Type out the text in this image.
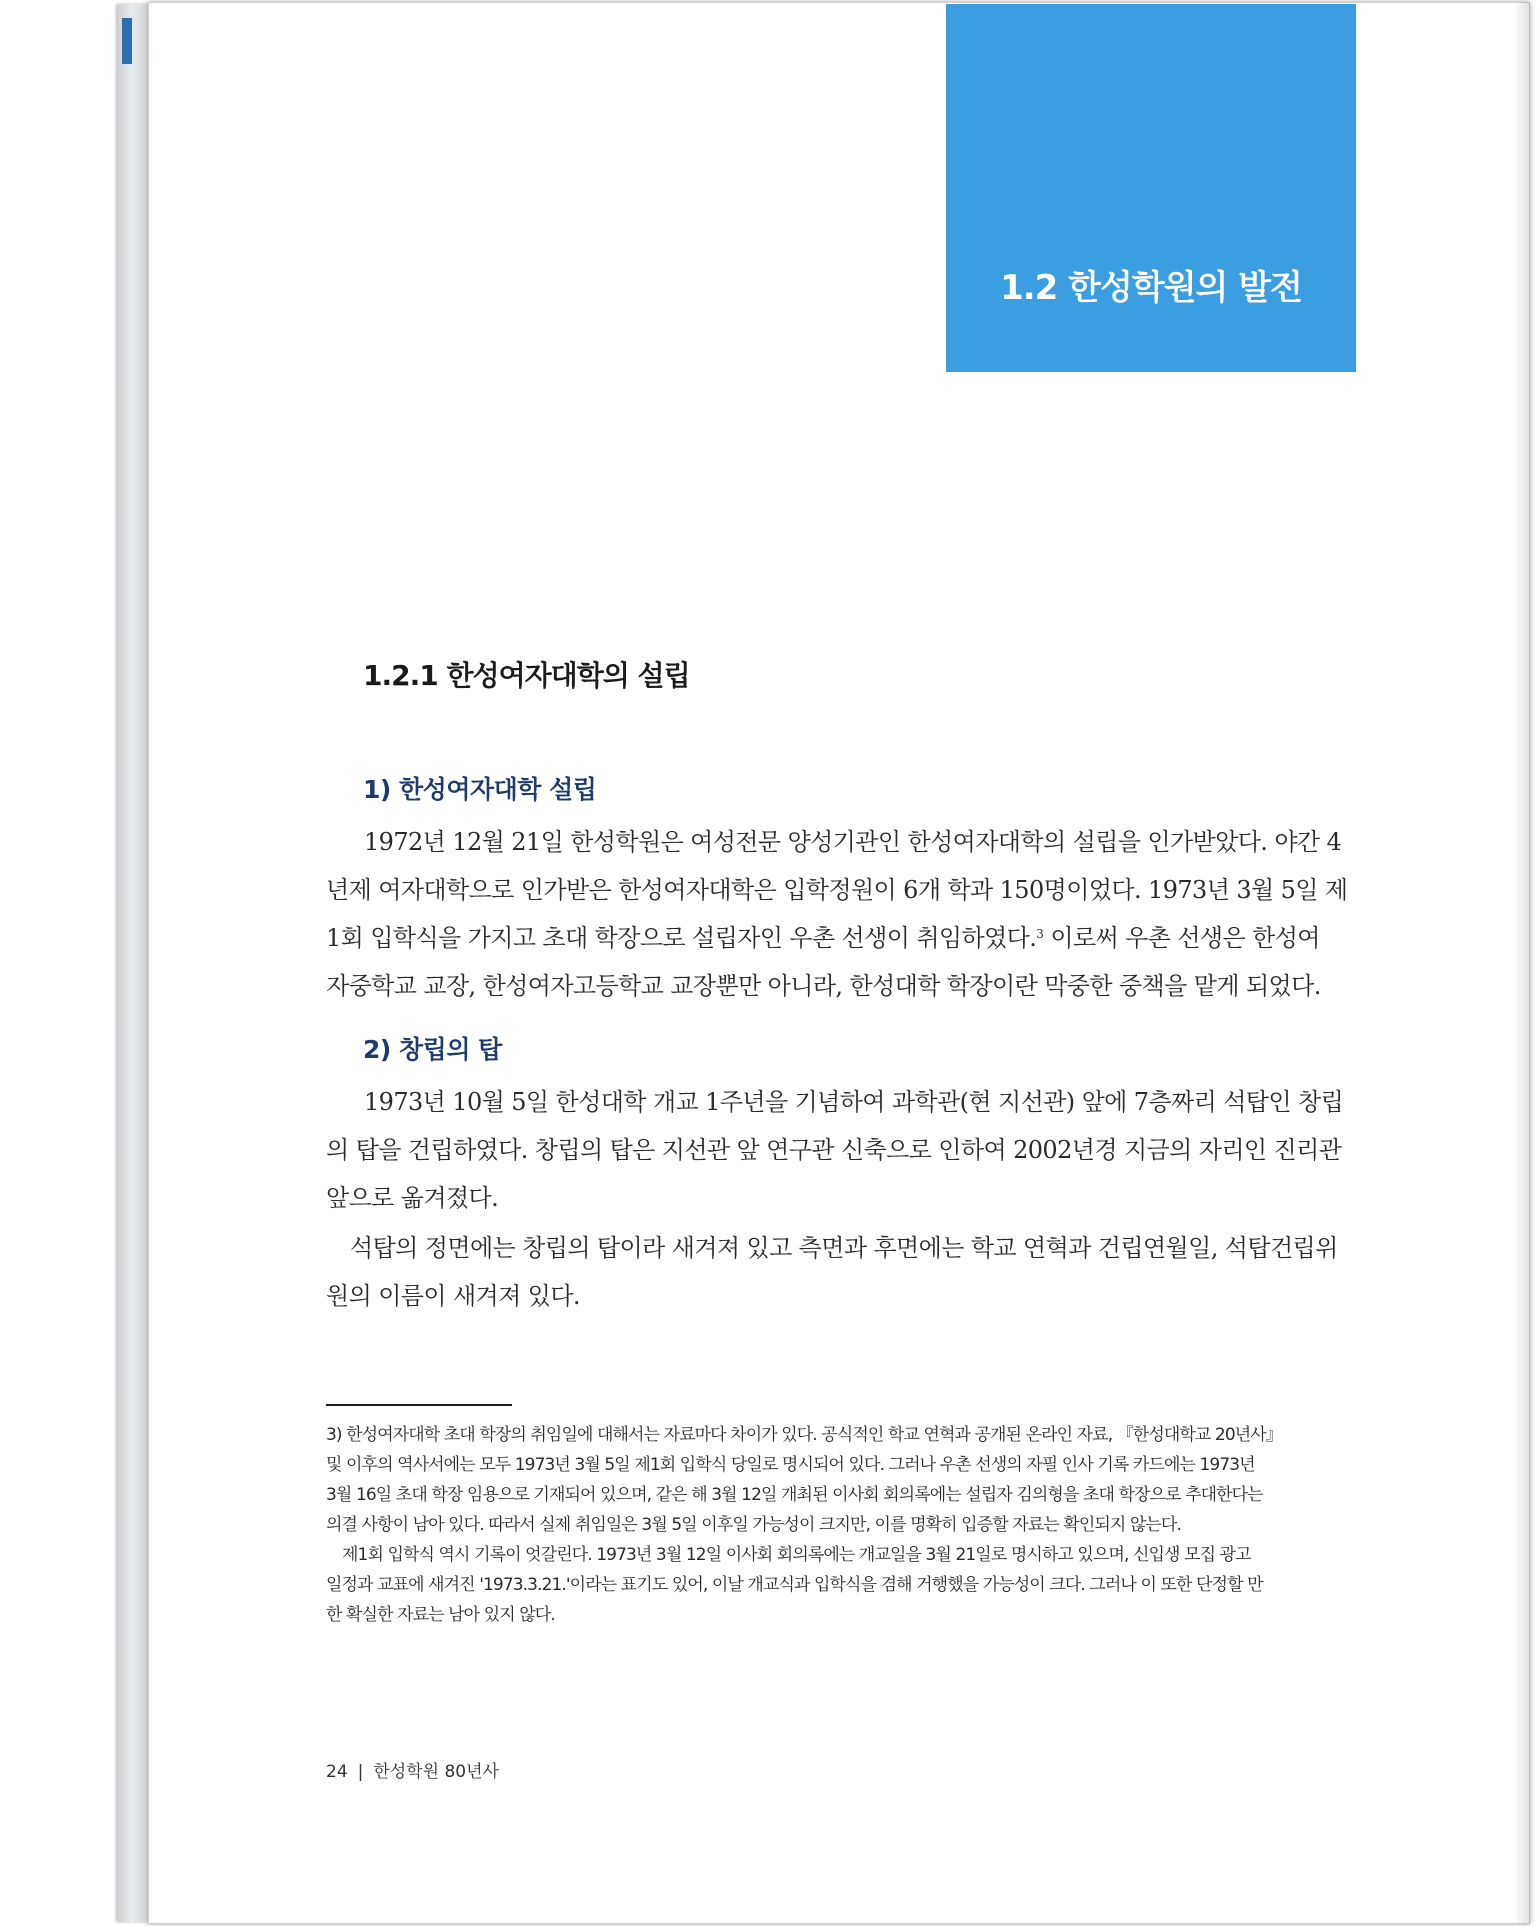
1.2 한성학원의 발전
1.2.1 한성여자대학의 설립
1) 한성여자대학 설립
1972년 12월 21일 한성학원은 여성전문 양성기관인 한성여자대학의 설립을 인가받았다. 야간 4
년제 여자대학으로 인가받은 한성여자대학은 입학정원이 6개 학과 150명이었다. 1973년 3월 5일 제
1회 입학식을 가지고 초대 학장으로 설립자인 우촌 선생이 취임하였다.$^3$ 이로써 우촌 선생은 한성여
자중학교 교장, 한성여자고등학교 교장뿐만 아니라, 한성대학 학장이란 막중한 중책을 맡게 되었다.
2) 창립의 탑
1973년 10월 5일 한성대학 개교 1주년을 기념하여 과학관(현 지선관) 앞에 7층짜리 석탑인 창립
의 탑을 건립하였다. 창립의 탑은 지선관 앞 연구관 신축으로 인하여 2002년경 지금의 자리인 진리관
앞으로 옮겨졌다.
석탑의 정면에는 창립의 탑이라 새겨져 있고 측면과 후면에는 학교 연혁과 건립연월일, 석탑건립위
원의 이름이 새겨져 있다.
3) 한성여자대학 초대 학장의 취임일에 대해서는 자료마다 차이가 있다. 공식적인 학교 연혁과 공개된 온라인 자료, 『한성대학교 20년사』
및 이후의 역사서에는 모두 1973년 3월 5일 제1회 입학식 당일로 명시되어 있다. 그러나 우촌 선생의 자필 인사 기록 카드에는 1973년
3월 16일 초대 학장 임용으로 기재되어 있으며, 같은 해 3월 12일 개최된 이사회 회의록에는 설립자 김의형을 초대 학장으로 추대한다는
의결 사항이 남아 있다. 따라서 실제 취임일은 3월 5일 이후일 가능성이 크지만, 이를 명확히 입증할 자료는 확인되지 않는다.
제1회 입학식 역시 기록이 엇갈린다. 1973년 3월 12일 이사회 회의록에는 개교일을 3월 21일로 명시하고 있으며, 신입생 모집 광고
일정과 교표에 새겨진 '1973.3.21.'이라는 표기도 있어, 이날 개교식과 입학식을 겸해 거행했을 가능성이 크다. 그러나 이 또한 단정할 만
한 확실한 자료는 남아 있지 않다.
24 | 한성학원 80년사
